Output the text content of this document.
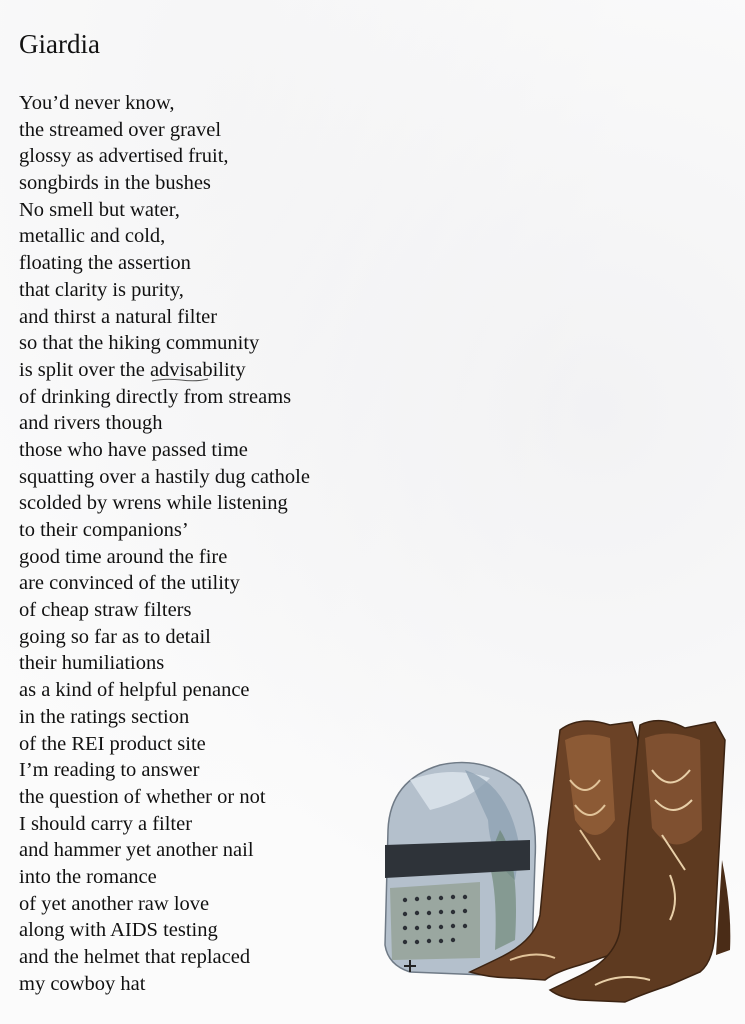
Giardia
You’d never know,
the streamed over gravel
glossy as advertised fruit,
songbirds in the bushes
No smell but water,
metallic and cold,
floating the assertion
that clarity is purity,
and thirst a natural filter
so that the hiking community
is split over the advisability
of drinking directly from streams
and rivers though
those who have passed time
squatting over a hastily dug cathole
scolded by wrens while listening
to their companions’
good time around the fire
are convinced of the utility
of cheap straw filters
going so far as to detail
their humiliations
as a kind of helpful penance
in the ratings section
of the REI product site
I’m reading to answer
the question of whether or not
I should carry a filter
and hammer yet another nail
into the romance
of yet another raw love
along with AIDS testing
and the helmet that replaced
my cowboy hat
